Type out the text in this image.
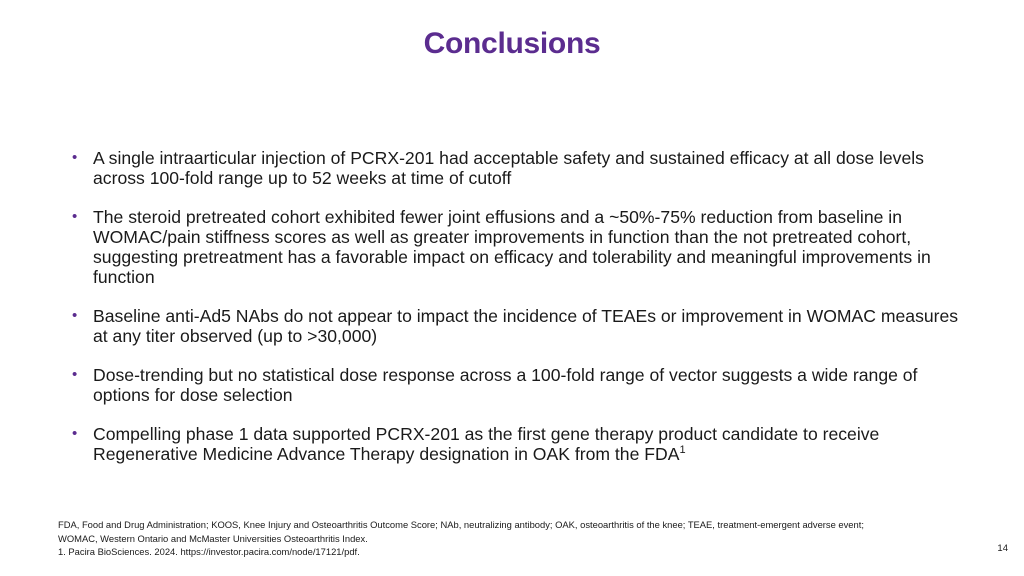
Conclusions
• A single intraarticular injection of PCRX-201 had acceptable safety and sustained efficacy at all dose levels across 100-fold range up to 52 weeks at time of cutoff
• The steroid pretreated cohort exhibited fewer joint effusions and a ~50%-75% reduction from baseline in WOMAC/pain stiffness scores as well as greater improvements in function than the not pretreated cohort, suggesting pretreatment has a favorable impact on efficacy and tolerability and meaningful improvements in function
• Baseline anti-Ad5 NAbs do not appear to impact the incidence of TEAEs or improvement in WOMAC measures at any titer observed (up to >30,000)
• Dose-trending but no statistical dose response across a 100-fold range of vector suggests a wide range of options for dose selection
• Compelling phase 1 data supported PCRX-201 as the first gene therapy product candidate to receive Regenerative Medicine Advance Therapy designation in OAK from the FDA$^1$
FDA, Food and Drug Administration; KOOS, Knee Injury and Osteoarthritis Outcome Score; NAb, neutralizing antibody; OAK, osteoarthritis of the knee; TEAE, treatment-emergent adverse event;
WOMAC, Western Ontario and McMaster Universities Osteoarthritis Index.
1. Pacira BioSciences. 2024. https://investor.pacira.com/node/17121/pdf.	14
